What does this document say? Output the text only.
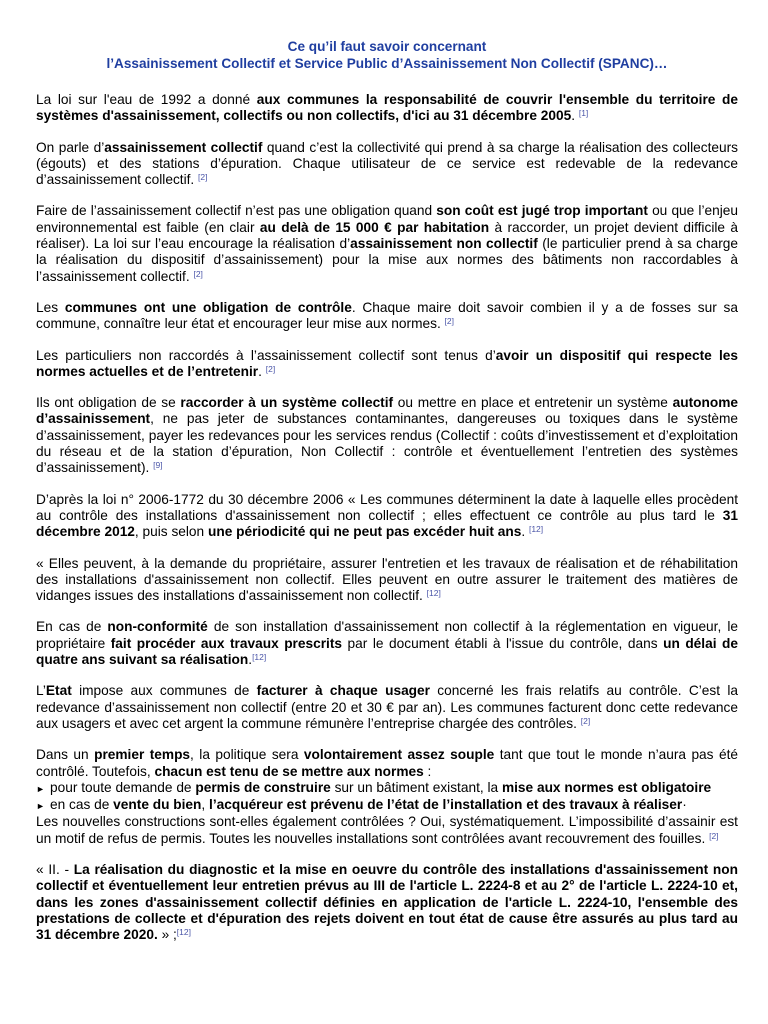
Ce qu’il faut savoir concernant
l’Assainissement Collectif et Service Public d’Assainissement Non Collectif (SPANC)…

La loi sur l'eau de 1992 a donné aux communes la responsabilité de couvrir l'ensemble du territoire de systèmes d'assainissement, collectifs ou non collectifs, d'ici au 31 décembre 2005. [1]

On parle d’assainissement collectif quand c’est la collectivité qui prend à sa charge la réalisation des collecteurs (égouts) et des stations d’épuration. Chaque utilisateur de ce service est redevable de la redevance d’assainissement collectif. [2]

Faire de l’assainissement collectif n’est pas une obligation quand son coût est jugé trop important ou que l’enjeu environnemental est faible (en clair au delà de 15 000 € par habitation à raccorder, un projet devient difficile à réaliser). La loi sur l’eau encourage la réalisation d’assainissement non collectif (le particulier prend à sa charge la réalisation du dispositif d’assainissement) pour la mise aux normes des bâtiments non raccordables à l’assainissement collectif. [2]

Les communes ont une obligation de contrôle. Chaque maire doit savoir combien il y a de fosses sur sa commune, connaître leur état et encourager leur mise aux normes. [2]

Les particuliers non raccordés à l’assainissement collectif sont tenus d’avoir un dispositif qui respecte les normes actuelles et de l’entretenir. [2]

Ils ont obligation de se raccorder à un système collectif ou mettre en place et entretenir un système autonome d’assainissement, ne pas jeter de substances contaminantes, dangereuses ou toxiques dans le système d’assainissement, payer les redevances pour les services rendus (Collectif : coûts d’investissement et d’exploitation du réseau et de la station d’épuration, Non Collectif : contrôle et éventuellement l’entretien des systèmes d’assainissement). [9]

D’après la loi n° 2006-1772 du 30 décembre 2006 « Les communes déterminent la date à laquelle elles procèdent au contrôle des installations d'assainissement non collectif ; elles effectuent ce contrôle au plus tard le 31 décembre 2012, puis selon une périodicité qui ne peut pas excéder huit ans. [12]

« Elles peuvent, à la demande du propriétaire, assurer l'entretien et les travaux de réalisation et de réhabilitation des installations d'assainissement non collectif. Elles peuvent en outre assurer le traitement des matières de vidanges issues des installations d'assainissement non collectif. [12]

En cas de non-conformité de son installation d'assainissement non collectif à la réglementation en vigueur, le propriétaire fait procéder aux travaux prescrits par le document établi à l'issue du contrôle, dans un délai de quatre ans suivant sa réalisation.[12]

L’Etat impose aux communes de facturer à chaque usager concerné les frais relatifs au contrôle. C’est la redevance d’assainissement non collectif (entre 20 et 30 € par an). Les communes facturent donc cette redevance aux usagers et avec cet argent la commune rémunère l’entreprise chargée des contrôles. [2]

Dans un premier temps, la politique sera volontairement assez souple tant que tout le monde n’aura pas été contrôlé. Toutefois, chacun est tenu de se mettre aux normes :
► pour toute demande de permis de construire sur un bâtiment existant, la mise aux normes est obligatoire
► en cas de vente du bien, l’acquéreur est prévenu de l’état de l’installation et des travaux à réaliser·
Les nouvelles constructions sont-elles également contrôlées ? Oui, systématiquement. L’impossibilité d’assainir est un motif de refus de permis. Toutes les nouvelles installations sont contrôlées avant recouvrement des fouilles. [2]

« II. - La réalisation du diagnostic et la mise en oeuvre du contrôle des installations d'assainissement non collectif et éventuellement leur entretien prévus au III de l'article L. 2224-8 et au 2° de l'article L. 2224-10 et, dans les zones d'assainissement collectif définies en application de l'article L. 2224-10, l'ensemble des prestations de collecte et d'épuration des rejets doivent en tout état de cause être assurés au plus tard au 31 décembre 2020. » ;[12]
